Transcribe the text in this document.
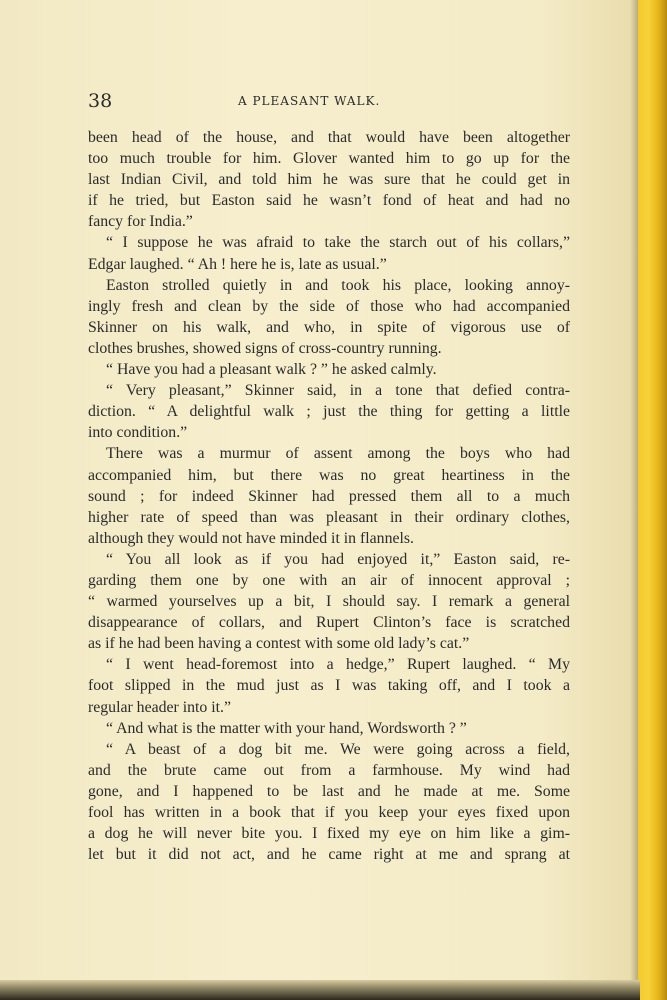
38	A PLEASANT WALK.
been head of the house, and that would have been altogether
too much trouble for him. Glover wanted him to go up for the
last Indian Civil, and told him he was sure that he could get in
if he tried, but Easton said he wasn’t fond of heat and had no
fancy for India.”
“ I suppose he was afraid to take the starch out of his collars,”
Edgar laughed. “ Ah ! here he is, late as usual.”
Easton strolled quietly in and took his place, looking annoy-
ingly fresh and clean by the side of those who had accompanied
Skinner on his walk, and who, in spite of vigorous use of
clothes brushes, showed signs of cross-country running.
“ Have you had a pleasant walk ? ” he asked calmly.
“ Very pleasant,” Skinner said, in a tone that defied contra-
diction. “ A delightful walk ; just the thing for getting a little
into condition.”
There was a murmur of assent among the boys who had
accompanied him, but there was no great heartiness in the
sound ; for indeed Skinner had pressed them all to a much
higher rate of speed than was pleasant in their ordinary clothes,
although they would not have minded it in flannels.
“ You all look as if you had enjoyed it,” Easton said, re-
garding them one by one with an air of innocent approval ;
“ warmed yourselves up a bit, I should say. I remark a general
disappearance of collars, and Rupert Clinton’s face is scratched
as if he had been having a contest with some old lady’s cat.”
“ I went head-foremost into a hedge,” Rupert laughed. “ My
foot slipped in the mud just as I was taking off, and I took a
regular header into it.”
“ And what is the matter with your hand, Wordsworth ? ”
“ A beast of a dog bit me. We were going across a field,
and the brute came out from a farmhouse. My wind had
gone, and I happened to be last and he made at me. Some
fool has written in a book that if you keep your eyes fixed upon
a dog he will never bite you. I fixed my eye on him like a gim-
let but it did not act, and he came right at me and sprang at
